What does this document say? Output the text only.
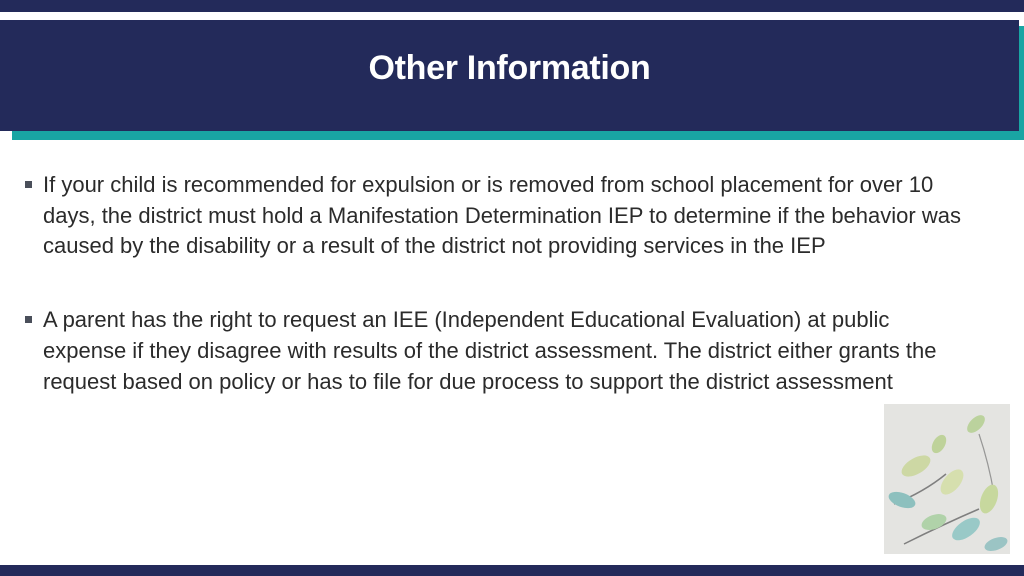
Other Information
If your child is recommended for expulsion or is removed from school placement for over 10 days, the district must hold a Manifestation Determination IEP to determine if the behavior was caused by the disability or a result of the district not providing services in the IEP
A parent has the right to request an IEE (Independent Educational Evaluation) at public expense if they disagree with results of the district assessment. The district either grants the request based on policy or has to file for due process to support the district assessment
